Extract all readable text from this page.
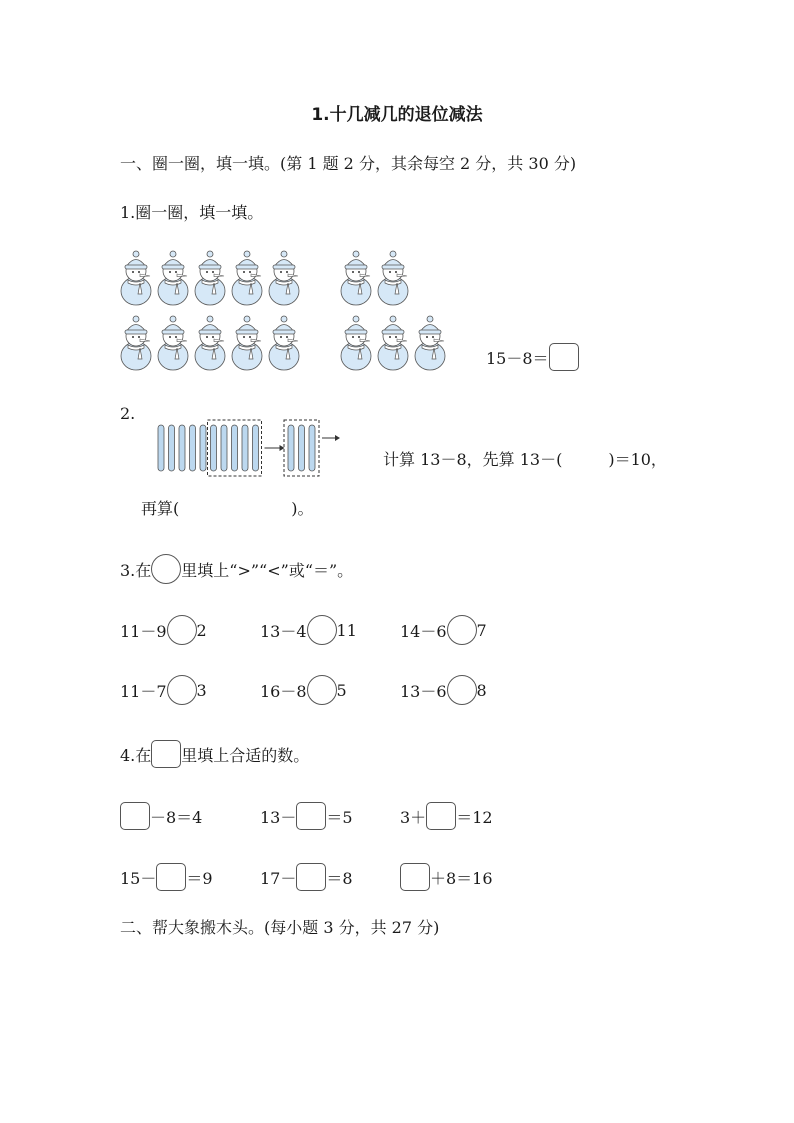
1.十几减几的退位减法
一、圈一圈，填一填。(第 1 题 2 分，其余每空 2 分，共 30 分)
1.圈一圈，填一填。
15－8＝
2.
计算 13－8，先算 13－(	)＝10，
再算(	)。
3.在 里填上“>”“<”或“＝”。
11－9 2	13－4 11	14－6 7
11－7 3	16－8 5	13－6 8
4.在 里填上合适的数。
－8＝4	13－ ＝5	3＋ ＝12
15－ ＝9	17－ ＝8	＋8＝16
二、帮大象搬木头。(每小题 3 分，共 27 分)
